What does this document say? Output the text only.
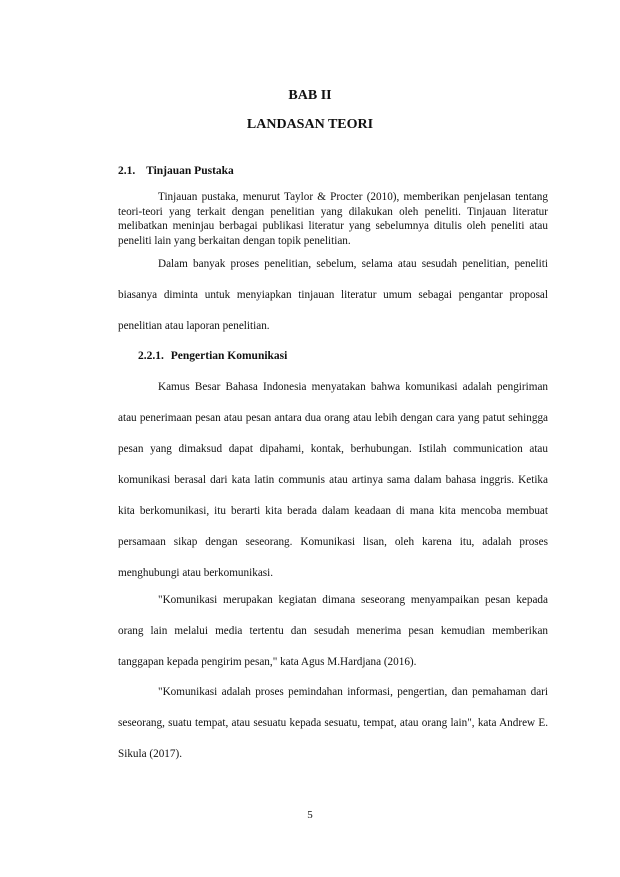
BAB II
LANDASAN TEORI
2.1. Tinjauan Pustaka

Tinjauan pustaka, menurut Taylor & Procter (2010), memberikan penjelasan tentang teori-teori yang terkait dengan penelitian yang dilakukan oleh peneliti. Tinjauan literatur melibatkan meninjau berbagai publikasi literatur yang sebelumnya ditulis oleh peneliti atau peneliti lain yang berkaitan dengan topik penelitian.

Dalam banyak proses penelitian, sebelum, selama atau sesudah penelitian, peneliti biasanya diminta untuk menyiapkan tinjauan literatur umum sebagai pengantar proposal penelitian atau laporan penelitian.

2.2.1. Pengertian Komunikasi

Kamus Besar Bahasa Indonesia menyatakan bahwa komunikasi adalah pengiriman atau penerimaan pesan atau pesan antara dua orang atau lebih dengan cara yang patut sehingga pesan yang dimaksud dapat dipahami, kontak, berhubungan. Istilah communication atau komunikasi berasal dari kata latin communis atau artinya sama dalam bahasa inggris. Ketika kita berkomunikasi, itu berarti kita berada dalam keadaan di mana kita mencoba membuat persamaan sikap dengan seseorang. Komunikasi lisan, oleh karena itu, adalah proses menghubungi atau berkomunikasi.

"Komunikasi merupakan kegiatan dimana seseorang menyampaikan pesan kepada orang lain melalui media tertentu dan sesudah menerima pesan kemudian memberikan tanggapan kepada pengirim pesan," kata Agus M.Hardjana (2016).

"Komunikasi adalah proses pemindahan informasi, pengertian, dan pemahaman dari seseorang, suatu tempat, atau sesuatu kepada sesuatu, tempat, atau orang lain", kata Andrew E. Sikula (2017).

5
